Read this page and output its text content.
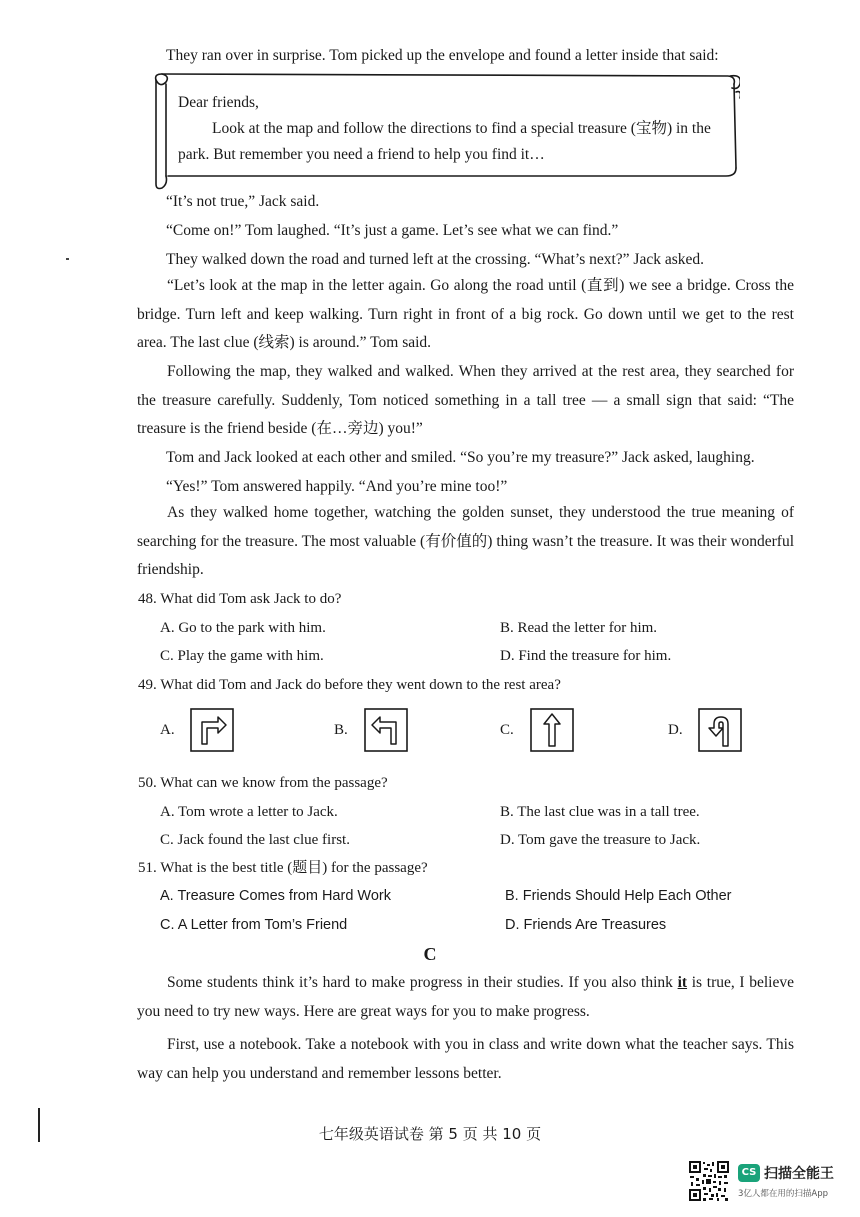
They ran over in surprise. Tom picked up the envelope and found a letter inside that said:
Dear friends,
Look at the map and follow the directions to find a special treasure (宝物) in the park. But remember you need a friend to help you find it…
“It’s not true,” Jack said.
“Come on!” Tom laughed. “It’s just a game. Let’s see what we can find.”
They walked down the road and turned left at the crossing. “What’s next?” Jack asked.
“Let’s look at the map in the letter again. Go along the road until (直到) we see a bridge. Cross the bridge. Turn left and keep walking. Turn right in front of a big rock. Go down until we get to the rest area. The last clue (线索) is around.” Tom said.
Following the map, they walked and walked. When they arrived at the rest area, they searched for the treasure carefully. Suddenly, Tom noticed something in a tall tree — a small sign that said: “The treasure is the friend beside (在…旁边) you!”
Tom and Jack looked at each other and smiled. “So you’re my treasure?” Jack asked, laughing.
“Yes!” Tom answered happily. “And you’re mine too!”
As they walked home together, watching the golden sunset, they understood the true meaning of searching for the treasure. The most valuable (有价值的) thing wasn’t the treasure. It was their wonderful friendship.
48. What did Tom ask Jack to do?
A. Go to the park with him.	B. Read the letter for him.
C. Play the game with him.	D. Find the treasure for him.
49. What did Tom and Jack do before they went down to the rest area?
A.	B.	C.	D.
50. What can we know from the passage?
A. Tom wrote a letter to Jack.	B. The last clue was in a tall tree.
C. Jack found the last clue first.	D. Tom gave the treasure to Jack.
51. What is the best title (题目) for the passage?
A. Treasure Comes from Hard Work	B. Friends Should Help Each Other
C. A Letter from Tom’s Friend	D. Friends Are Treasures
C
Some students think it’s hard to make progress in their studies. If you also think it is true, I believe you need to try new ways. Here are great ways for you to make progress.
First, use a notebook. Take a notebook with you in class and write down what the teacher says. This way can help you understand and remember lessons better.
七年级英语试卷 第 5 页 共 10 页
CS 扫描全能王
3亿人都在用的扫描App
